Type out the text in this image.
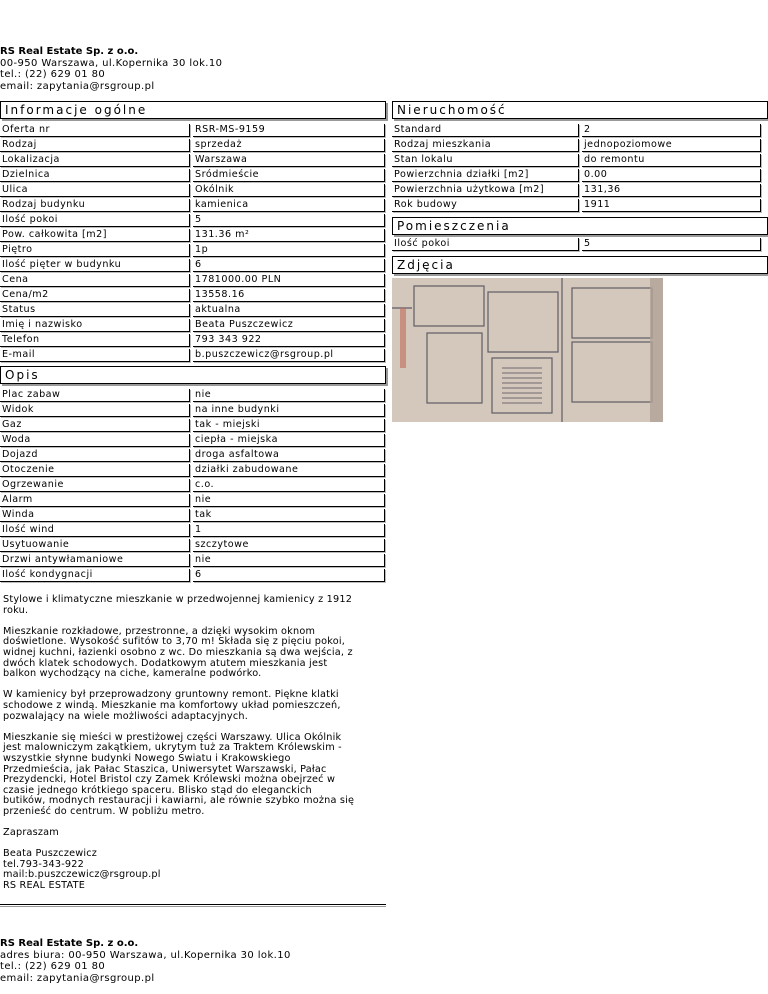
RS Real Estate Sp. z o.o.
00-950 Warszawa, ul.Kopernika 30 lok.10
tel.: (22) 629 01 80
email: zapytania@rsgroup.pl
Informacje ogólne
Oferta nr	RSR-MS-9159
Rodzaj	sprzedaż
Lokalizacja	Warszawa
Dzielnica	Śródmieście
Ulica	Okólnik
Rodzaj budynku	kamienica
Ilość pokoi	5
Pow. całkowita [m2]	131.36 m²
Piętro	1p
Ilość pięter w budynku	6
Cena	1781000.00 PLN
Cena/m2	13558.16
Status	aktualna
Imię i nazwisko	Beata Puszczewicz
Telefon	793 343 922
E-mail	b.puszczewicz@rsgroup.pl
Nieruchomość
Standard	2
Rodzaj mieszkania	jednopoziomowe
Stan lokalu	do remontu
Powierzchnia działki [m2]	0.00
Powierzchnia użytkowa [m2]	131,36
Rok budowy	1911
Pomieszczenia
Ilość pokoi	5
Zdjęcia
Opis
Plac zabaw	nie
Widok	na inne budynki
Gaz	tak - miejski
Woda	ciepła - miejska
Dojazd	droga asfaltowa
Otoczenie	działki zabudowane
Ogrzewanie	c.o.
Alarm	nie
Winda	tak
Ilość wind	1
Usytuowanie	szczytowe
Drzwi antywłamaniowe	nie
Ilość kondygnacji	6

Stylowe i klimatyczne mieszkanie w przedwojennej kamienicy z 1912
roku.

Mieszkanie rozkładowe, przestronne, a dzięki wysokim oknom
doświetlone. Wysokość sufitów to 3,70 m! Składa się z pięciu pokoi,
widnej kuchni, łazienki osobno z wc. Do mieszkania są dwa wejścia, z
dwóch klatek schodowych. Dodatkowym atutem mieszkania jest
balkon wychodzący na ciche, kameralne podwórko.

W kamienicy był przeprowadzony gruntowny remont. Piękne klatki
schodowe z windą. Mieszkanie ma komfortowy układ pomieszczeń,
pozwalający na wiele możliwości adaptacyjnych.

Mieszkanie się mieści w prestiżowej części Warszawy. Ulica Okólnik
jest malowniczym zakątkiem, ukrytym tuż za Traktem Królewskim -
wszystkie słynne budynki Nowego Światu i Krakowskiego
Przedmieścia, jak Pałac Staszica, Uniwersytet Warszawski, Pałac
Prezydencki, Hotel Bristol czy Zamek Królewski można obejrzeć w
czasie jednego krótkiego spaceru. Blisko stąd do eleganckich
butików, modnych restauracji i kawiarni, ale równie szybko można się
przenieść do centrum. W pobliżu metro.

Zapraszam

Beata Puszczewicz
tel.793-343-922
mail:b.puszczewicz@rsgroup.pl
RS REAL ESTATE

RS Real Estate Sp. z o.o.
adres biura: 00-950 Warszawa, ul.Kopernika 30 lok.10
tel.: (22) 629 01 80
email: zapytania@rsgroup.pl
